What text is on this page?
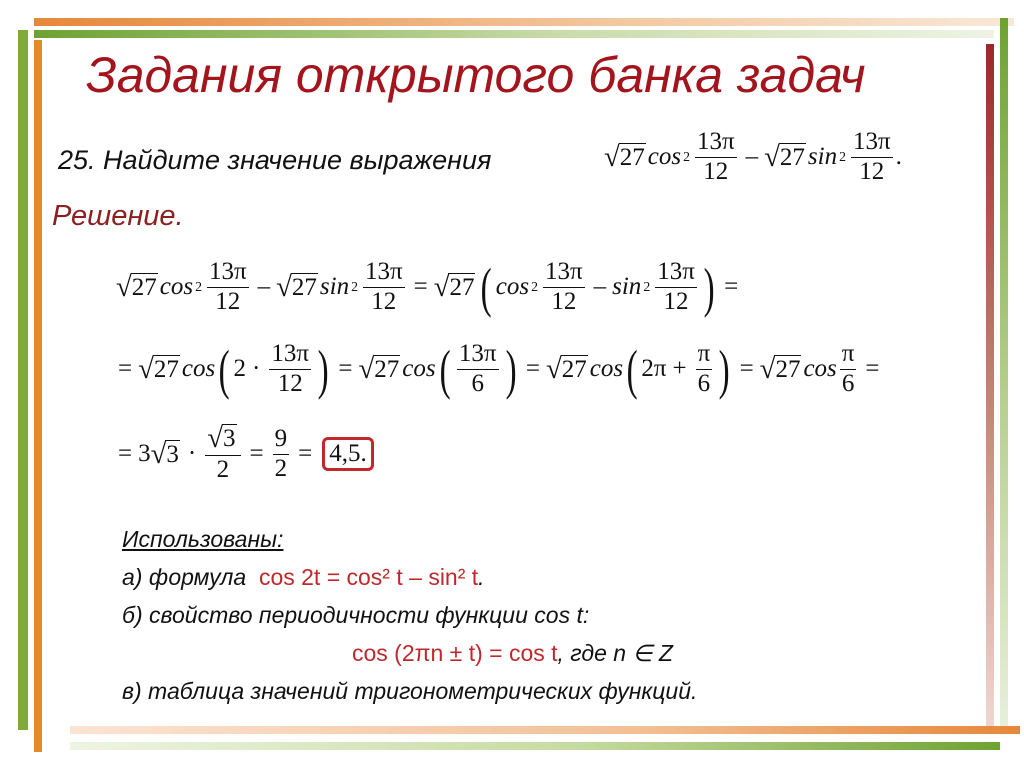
Задания открытого банка задач
25. Найдите значение выражения	√ 27 $\cos 2 \frac{13\pi}{12}$ – √ 27 $\sin 2 \frac{13\pi}{12}$ .
Решение.
√ 27 $\cos 2 \frac{13\pi}{12}$ – √ 27 $\sin 2 \frac{13\pi}{12}$ = √ 27 ( $\cos 2 \frac{13\pi}{12}$ – $\sin 2 \frac{13\pi}{12}$ ) =
= √ 27 cos ( $2 \cdot \frac{13\pi}{12}$ ) = √ 27 cos ( $\frac{13\pi}{6}$ ) = √ 27 cos ( $2\pi + \frac{\pi}{6}$ ) = √ 27 $\cos \frac{\pi}{6}$ =
= 3 √ $3 \cdot \frac{√ 3}{2} = \frac{9}{2} = 4,5$.
Использованы:
а) формула cos 2t = cos² t – sin² t.
б) свойство периодичности функции cos t:
cos (2πn ± t) = cos t, где n ∈ Z
в) таблица значений тригонометрических функций.
